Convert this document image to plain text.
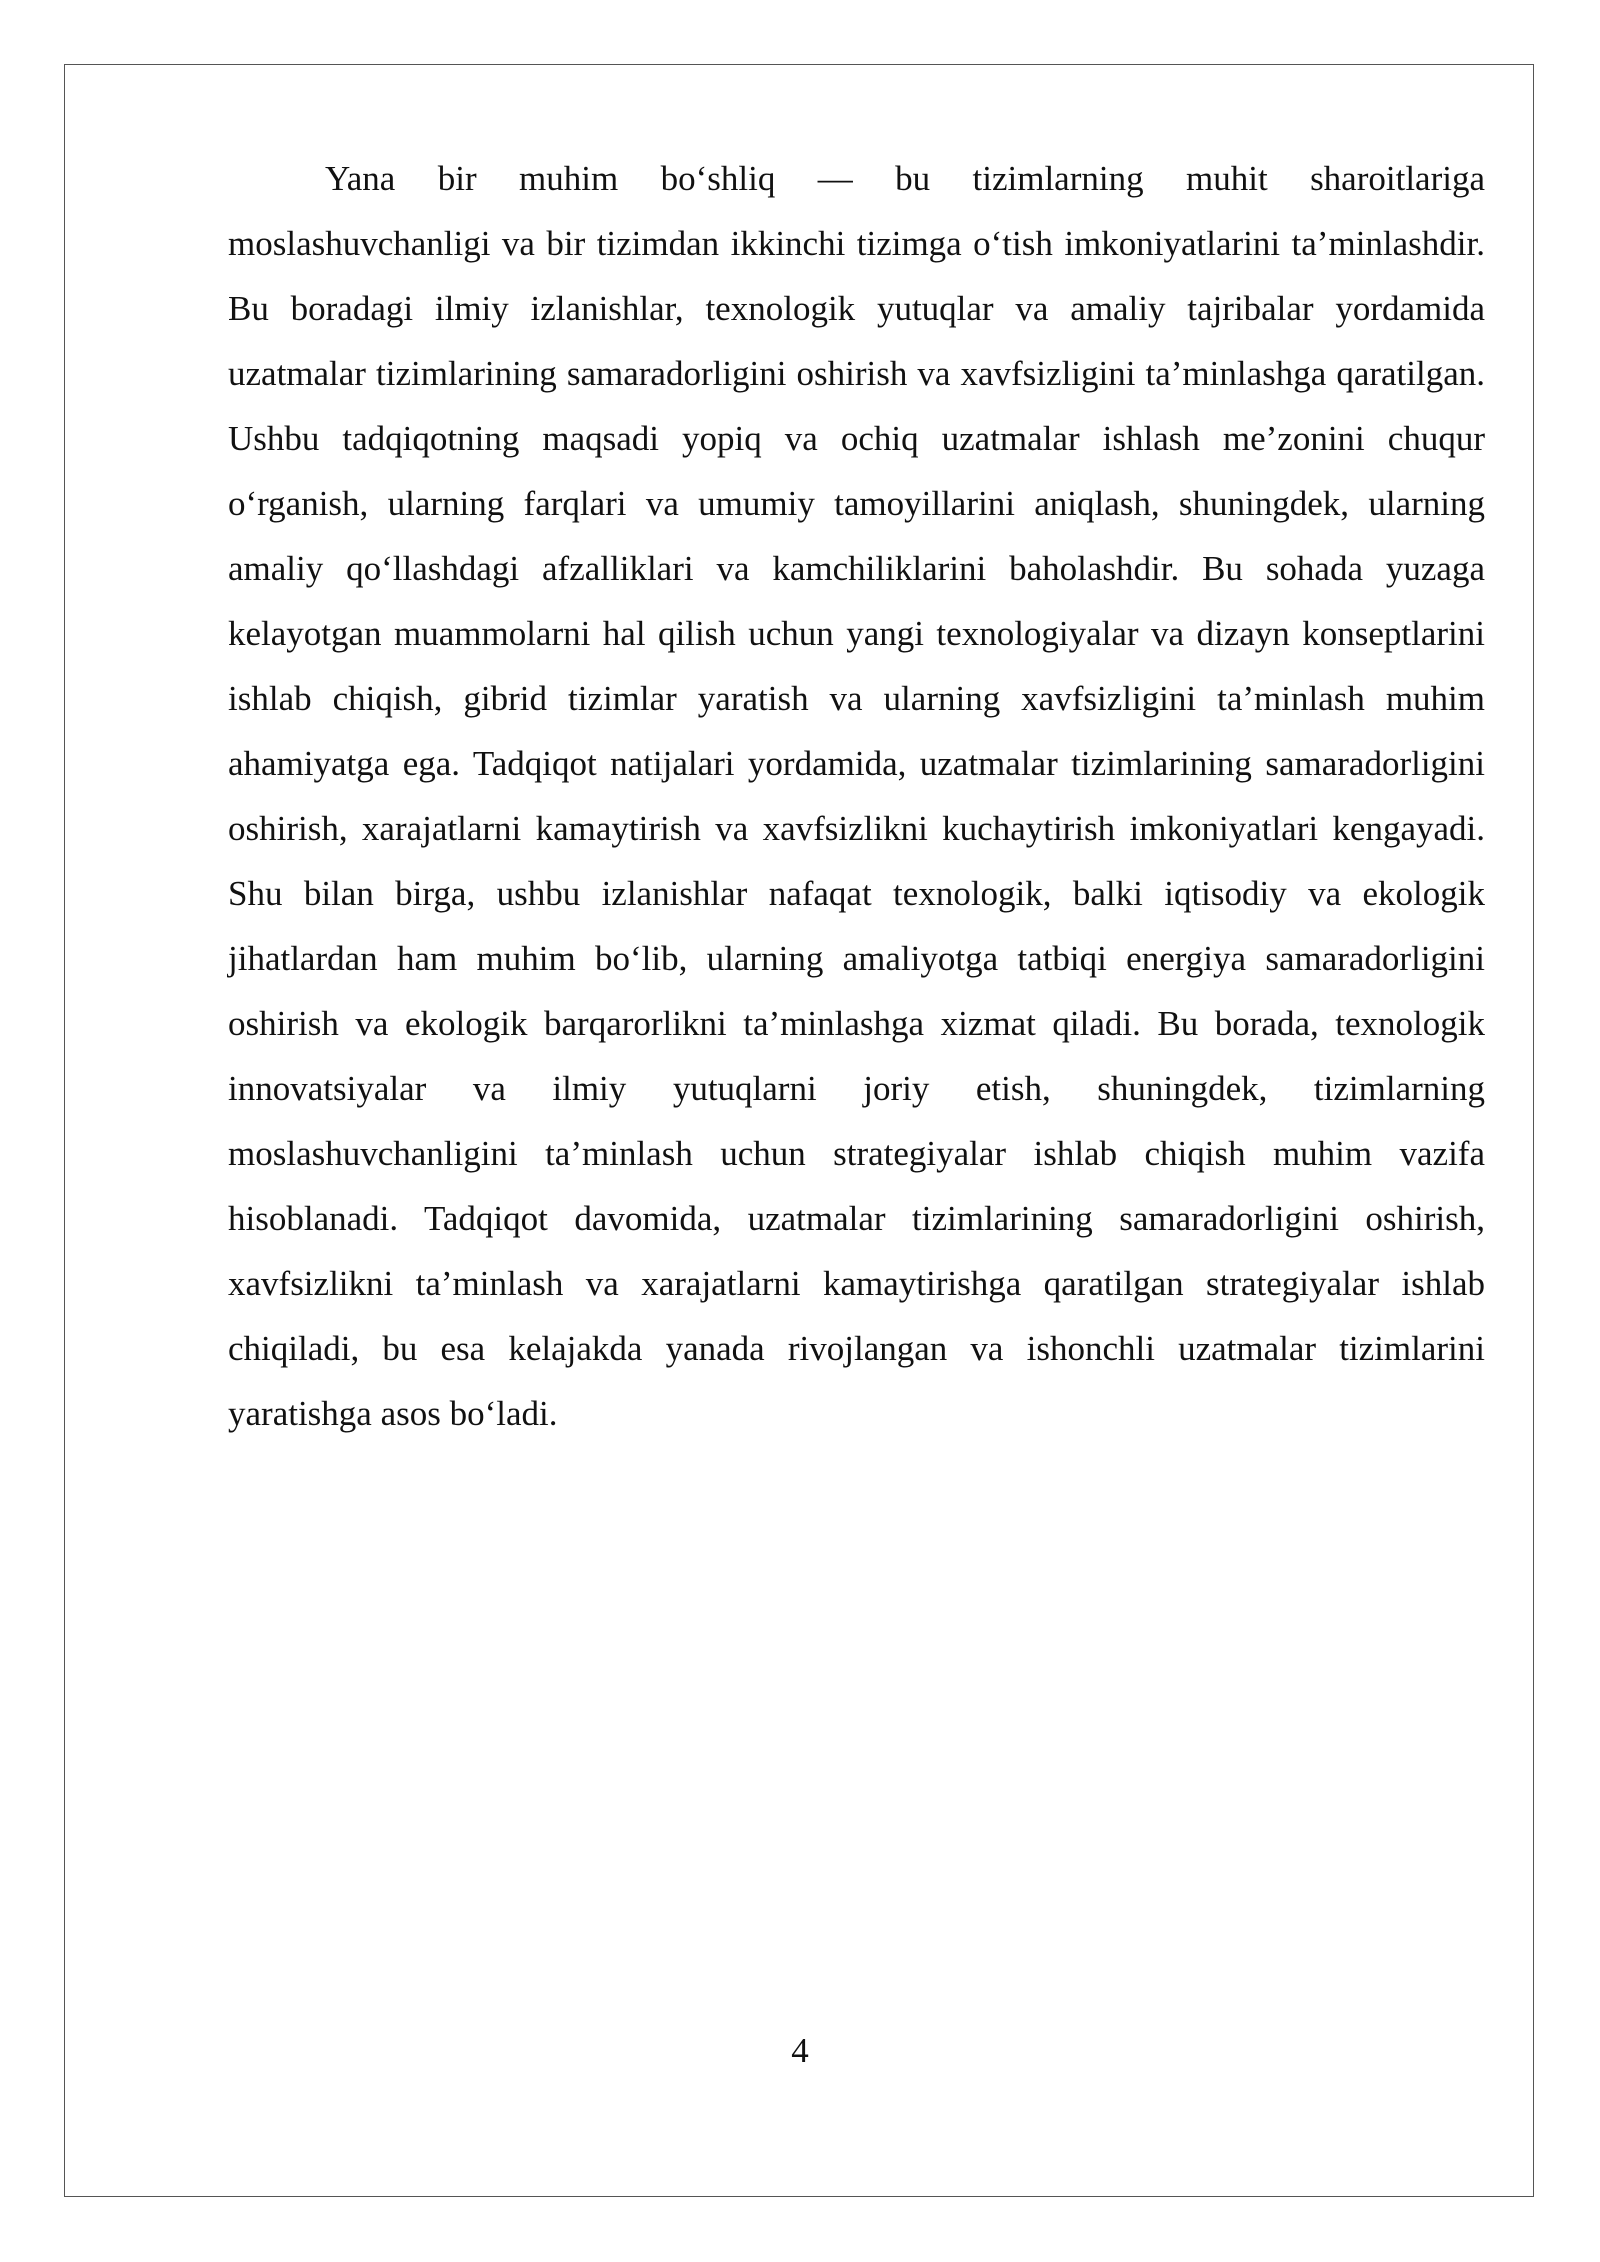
Yana bir muhim bo‘shliq — bu tizimlarning muhit sharoitlariga moslashuvchanligi va bir tizimdan ikkinchi tizimga o‘tish imkoniyatlarini ta’minlashdir. Bu boradagi ilmiy izlanishlar, texnologik yutuqlar va amaliy tajribalar yordamida uzatmalar tizimlarining samaradorligini oshirish va xavfsizligini ta’minlashga qaratilgan. Ushbu tadqiqotning maqsadi yopiq va ochiq uzatmalar ishlash me’zonini chuqur o‘rganish, ularning farqlari va umumiy tamoyillarini aniqlash, shuningdek, ularning amaliy qo‘llashdagi afzalliklari va kamchiliklarini baholashdir. Bu sohada yuzaga kelayotgan muammolarni hal qilish uchun yangi texnologiyalar va dizayn konseptlarini ishlab chiqish, gibrid tizimlar yaratish va ularning xavfsizligini ta’minlash muhim ahamiyatga ega. Tadqiqot natijalari yordamida, uzatmalar tizimlarining samaradorligini oshirish, xarajatlarni kamaytirish va xavfsizlikni kuchaytirish imkoniyatlari kengayadi. Shu bilan birga, ushbu izlanishlar nafaqat texnologik, balki iqtisodiy va ekologik jihatlardan ham muhim bo‘lib, ularning amaliyotga tatbiqi energiya samaradorligini oshirish va ekologik barqarorlikni ta’minlashga xizmat qiladi. Bu borada, texnologik innovatsiyalar va ilmiy yutuqlarni joriy etish, shuningdek, tizimlarning moslashuvchanligini ta’minlash uchun strategiyalar ishlab chiqish muhim vazifa hisoblanadi. Tadqiqot davomida, uzatmalar tizimlarining samaradorligini oshirish, xavfsizlikni ta’minlash va xarajatlarni kamaytirishga qaratilgan strategiyalar ishlab chiqiladi, bu esa kelajakda yanada rivojlangan va ishonchli uzatmalar tizimlarini yaratishga asos bo‘ladi.

4
